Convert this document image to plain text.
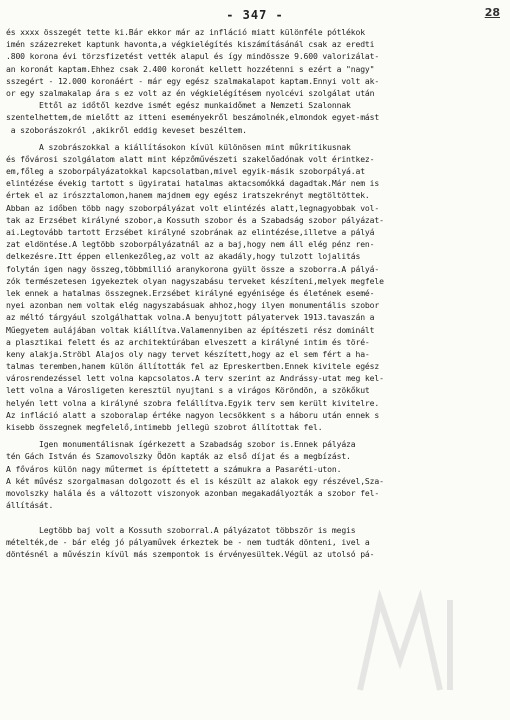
- 347 -	28
és xxxx összegét tette ki.Bár ekkor már az infláció miatt különféle pótlékok
imén százezreket kaptunk havonta,a végkielégítés kiszámításánál csak az eredti
.800 korona évi törzsfizetést vették alapul és így mindössze 9.600 valorizálat-
an koronát kaptam.Ehhez csak 2.400 koronát kellett hozzétenni s ezért a "nagy"
sszegért - 12.000 koronáért - már egy egész szalmakalapot kaptam.Ennyi volt ak-
or egy szalmakalap ára s ez volt az én végkielégítésem nyolcévi szolgálat után
Ettől az időtől kezdve ismét egész munkaidőmet a Nemzeti Szalonnak
szentelhettem,de mielőtt az itteni eseményekről beszámolnék,elmondok egyet-mást
a szoborászokról ,akikről eddig keveset beszéltem.
A szobrászokkal a kiállításokon kívül különösen mint műkritikusnak
és fővárosi szolgálatom alatt mint képzőművészeti szakelőadónak volt érintkez-
em,főleg a szoborpályázatokkal kapcsolatban,mivel egyik-másik szoborpályá.at
elintézése évekig tartott s ügyiratai hatalmas aktacsomókká dagadtak.Már nem is
értek el az irószztalomon,hanem majdnem egy egész iratszekrényt megtöltöttek.
Abban az időben több nagy szoborpályázat volt elintézés alatt,legnagyobbak vol-
tak az Erzsébet királyné szobor,a Kossuth szobor és a Szabadság szobor pályázat-
ai.Legtovább tartott Erzsébet királyné szobrának az elintézése,illetve a pályá
zat eldöntése.A legtöbb szoborpályázatnál az a baj,hogy nem áll elég pénz ren-
delkezésre.Itt éppen ellenkezőleg,az volt az akadály,hogy tulzott lojalitás
folytán igen nagy összeg,többmillió aranykorona gyült össze a szoborra.A pályá-
zók természetesen igyekeztek olyan nagyszabásu terveket készíteni,melyek megfele
lek ennek a hatalmas összegnek.Erzsébet királyné egyénisége és életének esemé-
nyei azonban nem voltak elég nagyszabásuak ahhoz,hogy ilyen monumentális szobor
az méltó tárgyául szolgálhattak volna.A benyujtott pályatervek 1913.tavaszán a
Műegyetem aulájában voltak kiállítva.Valamennyiben az építészeti rész dominált
a plasztikai felett és az architektúrában elveszett a királyné intim és töré-
keny alakja.Ströbl Alajos oly nagy tervet készített,hogy az el sem fért a ha-
talmas teremben,hanem külön állították fel az Epreskertben.Ennek kivitele egész
városrendezéssel lett volna kapcsolatos.A terv szerint az Andrássy-utat meg kel-
lett volna a Városligeten keresztül nyujtani s a virágos Köröndön, a szökőkut
helyén lett volna a királyné szobra felállítva.Egyik terv sem került kivitelre.
Az infláció alatt a szoboralap értéke nagyon lecsökkent s a háboru után ennek s
kisebb összegnek megfelelő,intimebb jellegü szobrot állítottak fel.
Igen monumentálisnak ígérkezett a Szabadság szobor is.Ennek pályáza
tén Gách István és Szamovolszky Ödön kapták az első díjat és a megbízást.
A főváros külön nagy műtermet is építtetett a számukra a Pasaréti-uton.
A két művész szorgalmasan dolgozott és el is készült az alakok egy részével,Sza-
movolszky halála és a változott viszonyok azonban megakadályozták a szobor fel-
állítását.
Legtöbb baj volt a Kossuth szoborral.A pályázatot többször is megis
mételték,de - bár elég jó pályaművek érkeztek be - nem tudták dönteni, ivel a
döntésnél a művészin kívül más szempontok is érvényesültek.Végül az utolsó pá-
